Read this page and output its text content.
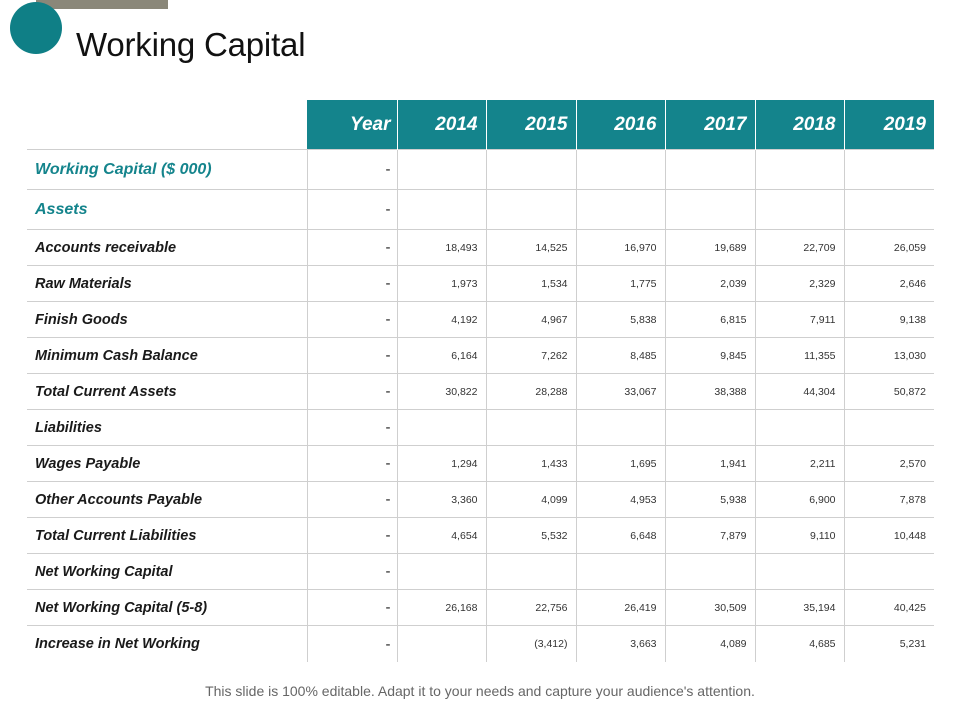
Working Capital
	Year	2014	2015	2016	2017	2018	2019
Working Capital ($ 000)	-						
Assets	-						
Accounts receivable	-	18,493	14,525	16,970	19,689	22,709	26,059
Raw Materials	-	1,973	1,534	1,775	2,039	2,329	2,646
Finish Goods	-	4,192	4,967	5,838	6,815	7,911	9,138
Minimum Cash Balance	-	6,164	7,262	8,485	9,845	11,355	13,030
Total Current Assets	-	30,822	28,288	33,067	38,388	44,304	50,872
Liabilities	-						
Wages Payable	-	1,294	1,433	1,695	1,941	2,211	2,570
Other Accounts Payable	-	3,360	4,099	4,953	5,938	6,900	7,878
Total Current Liabilities	-	4,654	5,532	6,648	7,879	9,110	10,448
Net Working Capital	-						
Net Working Capital (5-8)	-	26,168	22,756	26,419	30,509	35,194	40,425
Increase in Net Working	-		(3,412)	3,663	4,089	4,685	5,231
This slide is 100% editable. Adapt it to your needs and capture your audience's attention.
